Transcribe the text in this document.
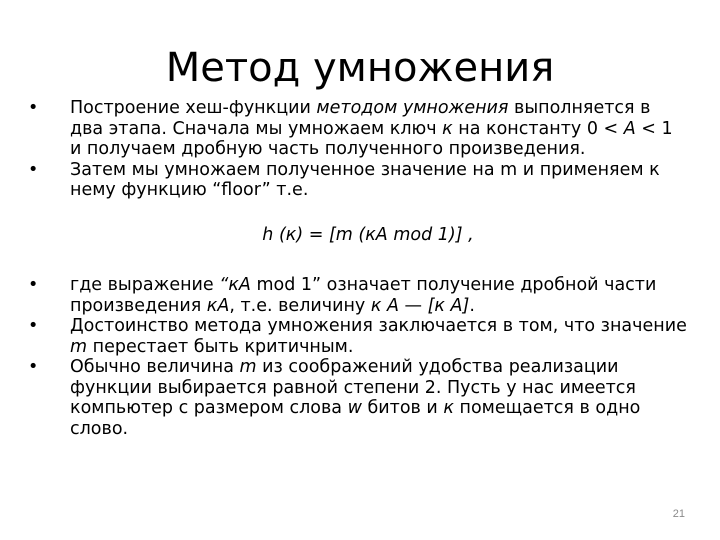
Метод умножения

•	Построение хеш-функции методом умножения выполняется в два этапа. Сначала мы умножаем ключ к на константу 0 < A < 1 и получаем дробную часть полученного произведения.

•	Затем мы умножаем полученное значение на m и применяем к нему функцию “floor” т.е.

h (к) = [m (кA mod 1)] ,

•	где выражение “кA mod 1” означает получение дробной части произведения кA, т.е. величину к A — [к A].

•	Достоинство метода умножения заключается в том, что значение m перестает быть критичным.

•	Обычно величина m из соображений удобства реализации функции выбирается равной степени 2. Пусть у нас имеется компьютер с размером слова w битов и к помещается в одно слово.

21
